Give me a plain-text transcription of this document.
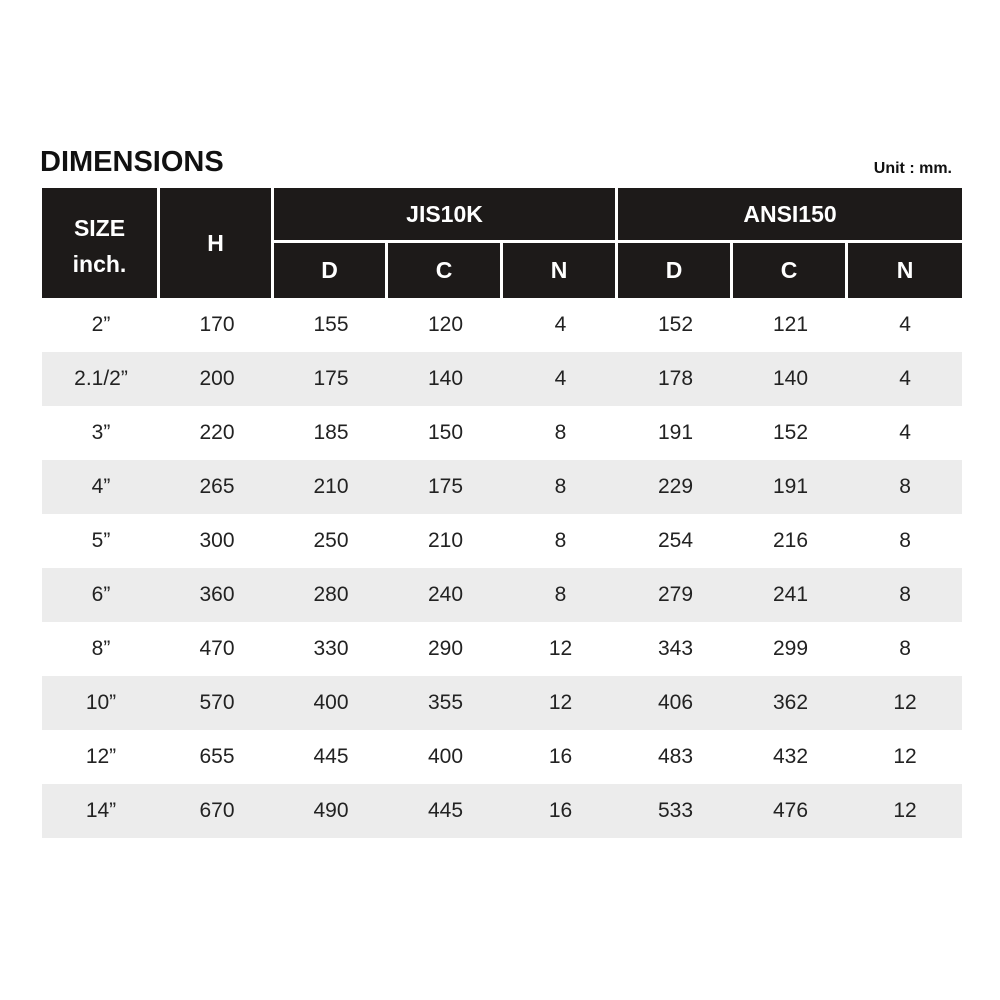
DIMENSIONS	Unit : mm.
SIZE
inch.	H	JIS10K			ANSI150		
		D	C	N	D	C	N
2”	170	155	120	4	152	121	4
2.1/2”	200	175	140	4	178	140	4
3”	220	185	150	8	191	152	4
4”	265	210	175	8	229	191	8
5”	300	250	210	8	254	216	8
6”	360	280	240	8	279	241	8
8”	470	330	290	12	343	299	8
10”	570	400	355	12	406	362	12
12”	655	445	400	16	483	432	12
14”	670	490	445	16	533	476	12
